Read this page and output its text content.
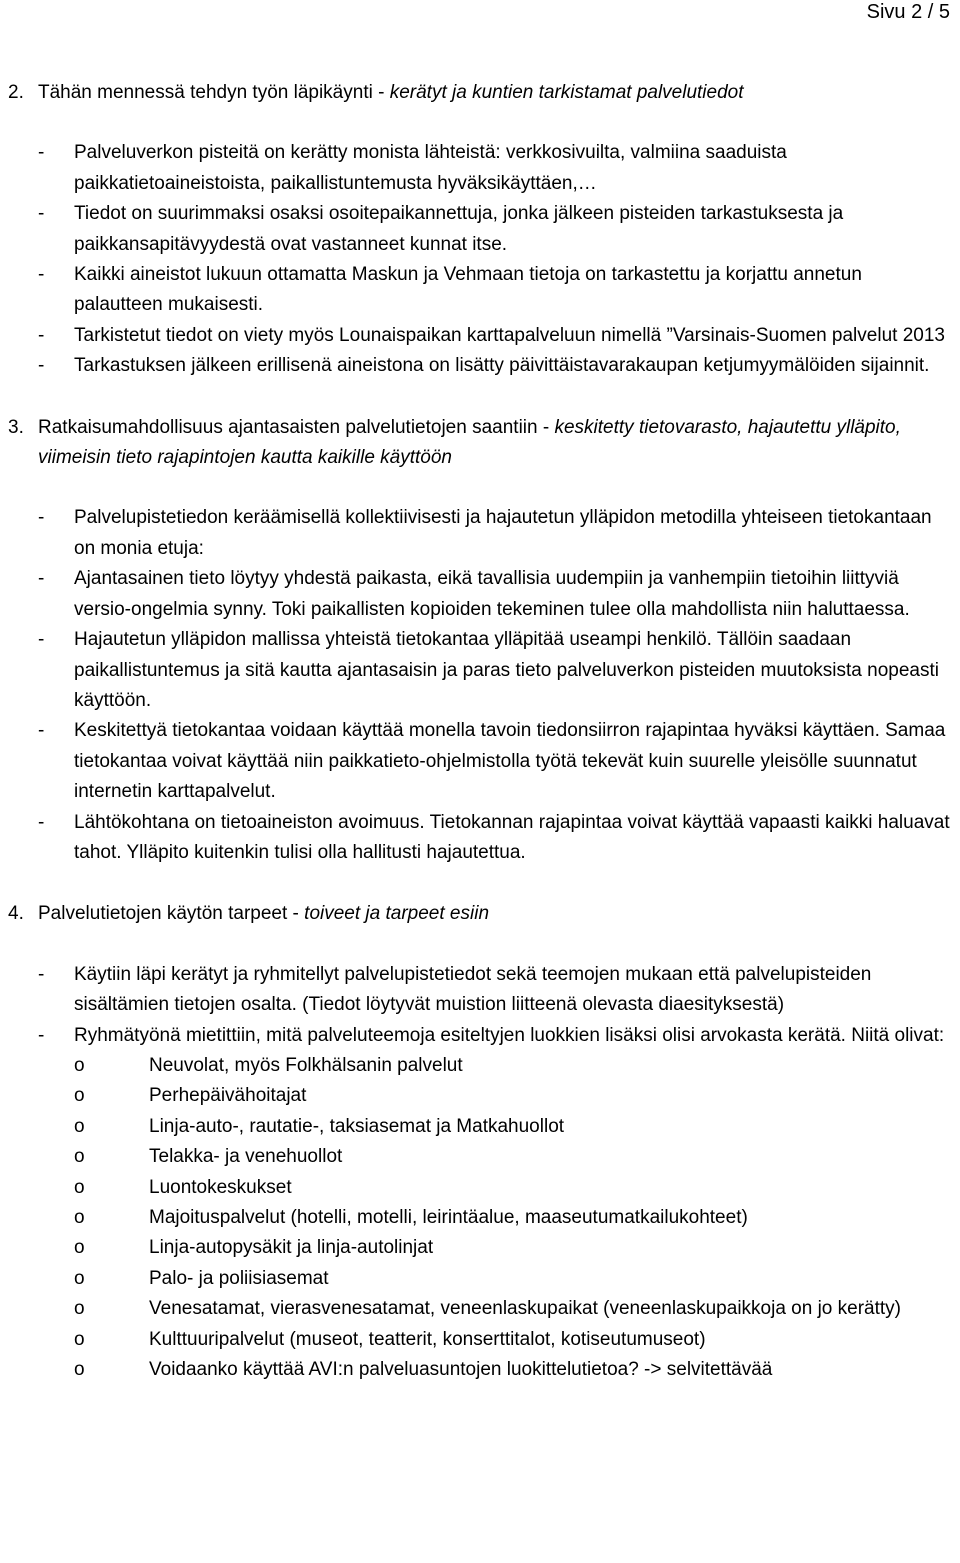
Sivu 2 / 5

2. Tähän mennessä tehdyn työn läpikäynti - kerätyt ja kuntien tarkistamat palvelutiedot

- Palveluverkon pisteitä on kerätty monista lähteistä: verkkosivuilta, valmiina saaduista paikkatietoaineistoista, paikallistuntemusta hyväksikäyttäen,…
- Tiedot on suurimmaksi osaksi osoitepaikannettuja, jonka jälkeen pisteiden tarkastuksesta ja paikkansapitävyydestä ovat vastanneet kunnat itse.
- Kaikki aineistot lukuun ottamatta Maskun ja Vehmaan tietoja on tarkastettu ja korjattu annetun palautteen mukaisesti.
- Tarkistetut tiedot on viety myös Lounaispaikan karttapalveluun nimellä ”Varsinais-Suomen palvelut 2013
- Tarkastuksen jälkeen erillisenä aineistona on lisätty päivittäistavarakaupan ketjumyymälöiden sijainnit.

3. Ratkaisumahdollisuus ajantasaisten palvelutietojen saantiin - keskitetty tietovarasto, hajautettu ylläpito, viimeisin tieto rajapintojen kautta kaikille käyttöön

- Palvelupistetiedon keräämisellä kollektiivisesti ja hajautetun ylläpidon metodilla yhteiseen tietokantaan on monia etuja:
- Ajantasainen tieto löytyy yhdestä paikasta, eikä tavallisia uudempiin ja vanhempiin tietoihin liittyviä versio-ongelmia synny. Toki paikallisten kopioiden tekeminen tulee olla mahdollista niin haluttaessa.
- Hajautetun ylläpidon mallissa yhteistä tietokantaa ylläpitää useampi henkilö. Tällöin saadaan paikallistuntemus ja sitä kautta ajantasaisin ja paras tieto palveluverkon pisteiden muutoksista nopeasti käyttöön.
- Keskitettyä tietokantaa voidaan käyttää monella tavoin tiedonsiirron rajapintaa hyväksi käyttäen. Samaa tietokantaa voivat käyttää niin paikkatieto-ohjelmistolla työtä tekevät kuin suurelle yleisölle suunnatut internetin karttapalvelut.
- Lähtökohtana on tietoaineiston avoimuus. Tietokannan rajapintaa voivat käyttää vapaasti kaikki haluavat tahot. Ylläpito kuitenkin tulisi olla hallitusti hajautettua.

4. Palvelutietojen käytön tarpeet - toiveet ja tarpeet esiin

- Käytiin läpi kerätyt ja ryhmitellyt palvelupistetiedot sekä teemojen mukaan että palvelupisteiden sisältämien tietojen osalta. (Tiedot löytyvät muistion liitteenä olevasta diaesityksestä)
- Ryhmätyönä mietittiin, mitä palveluteemoja esiteltyjen luokkien lisäksi olisi arvokasta kerätä. Niitä olivat:
o	Neuvolat, myös Folkhälsanin palvelut
o	Perhepäivähoitajat
o	Linja-auto-, rautatie-, taksiasemat ja Matkahuollot
o	Telakka- ja venehuollot
o	Luontokeskukset
o	Majoituspalvelut (hotelli, motelli, leirintäalue, maaseutumatkailukohteet)
o	Linja-autopysäkit ja linja-autolinjat
o	Palo- ja poliisiasemat
o	Venesatamat, vierasvenesatamat, veneenlaskupaikat (veneenlaskupaikkoja on jo kerätty)
o	Kulttuuripalvelut (museot, teatterit, konserttitalot, kotiseutumuseot)
o	Voidaanko käyttää AVI:n palveluasuntojen luokittelutietoa? -> selvitettävää
